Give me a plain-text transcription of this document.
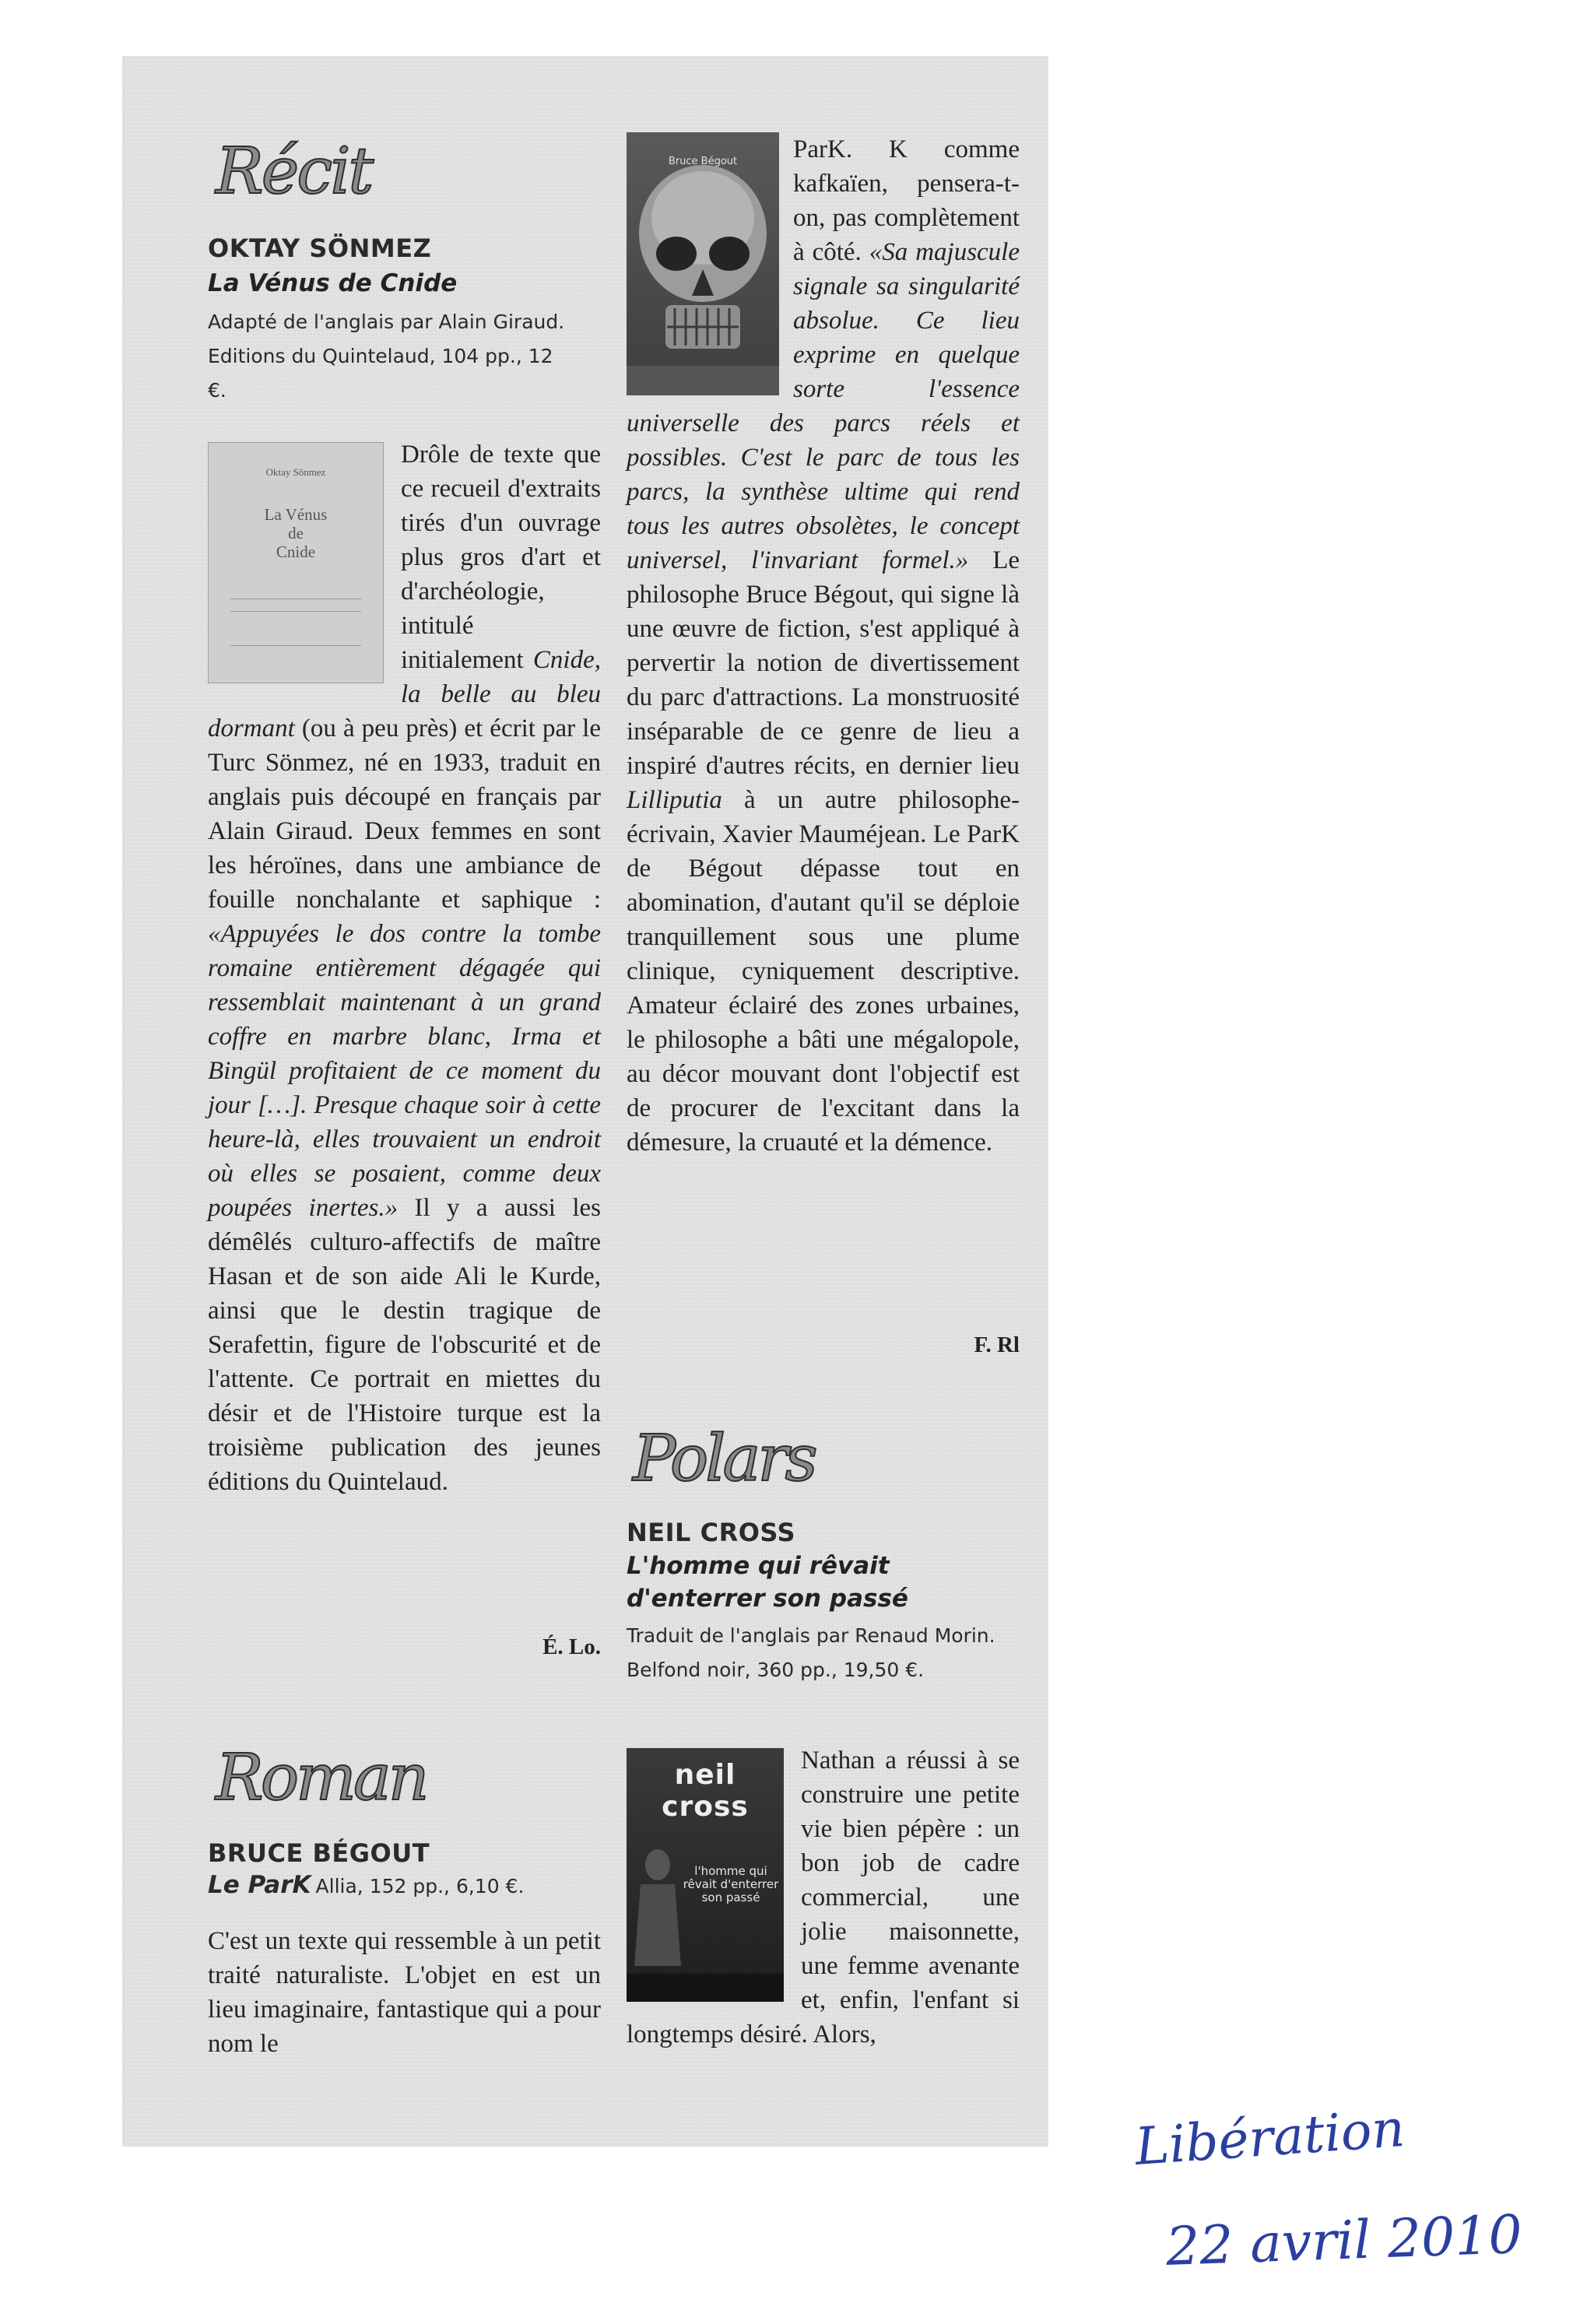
Récit
OKTAY SÖNMEZ
La Vénus de Cnide

Adapté de l'anglais par Alain Giraud. Editions du Quintelaud, 104 pp., 12 €.

Oktay Sönmez
La Vénus
de
Cnide

Drôle de texte que ce recueil d'extraits tirés d'un ouvrage plus gros d'art et d'archéologie, intitulé initialement Cnide, la belle au bleu dormant (ou à peu près) et écrit par le Turc Sönmez, né en 1933, traduit en anglais puis découpé en français par Alain Giraud. Deux femmes en sont les héroïnes, dans une ambiance de fouille nonchalante et saphique : «Appuyées le dos contre la tombe romaine entièrement dégagée qui ressemblait maintenant à un grand coffre en marbre blanc, Irma et Bingül profitaient de ce moment du jour […]. Presque chaque soir à cette heure-là, elles trouvaient un endroit où elles se posaient, comme deux poupées inertes.» Il y a aussi les démêlés culturo-affectifs de maître Hasan et de son aide Ali le Kurde, ainsi que le destin tragique de Serafettin, figure de l'obscurité et de l'attente. Ce portrait en miettes du désir et de l'Histoire turque est la troisième publication des jeunes éditions du Quintelaud.

É. Lo.

Roman
BRUCE BÉGOUT

Le ParK Allia, 152 pp., 6,10 €.

C'est un texte qui ressemble à un petit traité naturaliste. L'objet en est un lieu imaginaire, fantastique qui a pour nom le

Bruce Bégout	ParK. K comme kafkaïen, pensera-t-on, pas complètement à côté. «Sa majuscule signale sa singularité absolue. Ce lieu exprime en quelque sorte l'essence universelle des parcs réels et possibles. C'est le parc de tous les parcs, la synthèse ultime qui rend tous les autres obsolètes, le concept universel, l'invariant formel.» Le philosophe Bruce Bégout, qui signe là une œuvre de fiction, s'est appliqué à pervertir la notion de divertissement du parc d'attractions. La monstruosité inséparable de ce genre de lieu a inspiré d'autres récits, en dernier lieu Lilliputia à un autre philosophe-écrivain, Xavier Mauméjean. Le ParK de Bégout dépasse tout en abomination, d'autant qu'il se déploie tranquillement sous une plume clinique, cyniquement descriptive. Amateur éclairé des zones urbaines, le philosophe a bâti une mégalopole, au décor mouvant dont l'objectif est de procurer de l'excitant dans la démesure, la cruauté et la démence.

F. Rl

Polars
NEIL CROSS
L'homme qui rêvait
d'enterrer son passé

Traduit de l'anglais par Renaud Morin. Belfond noir, 360 pp., 19,50 €.

neil cross
l'homme qui rêvait d'enterrer son passé

Nathan a réussi à se construire une petite vie bien pépère : un bon job de cadre commercial, une jolie maisonnette, une femme avenante et, enfin, l'enfant si longtemps désiré. Alors,

Libération

22 avril 2010
